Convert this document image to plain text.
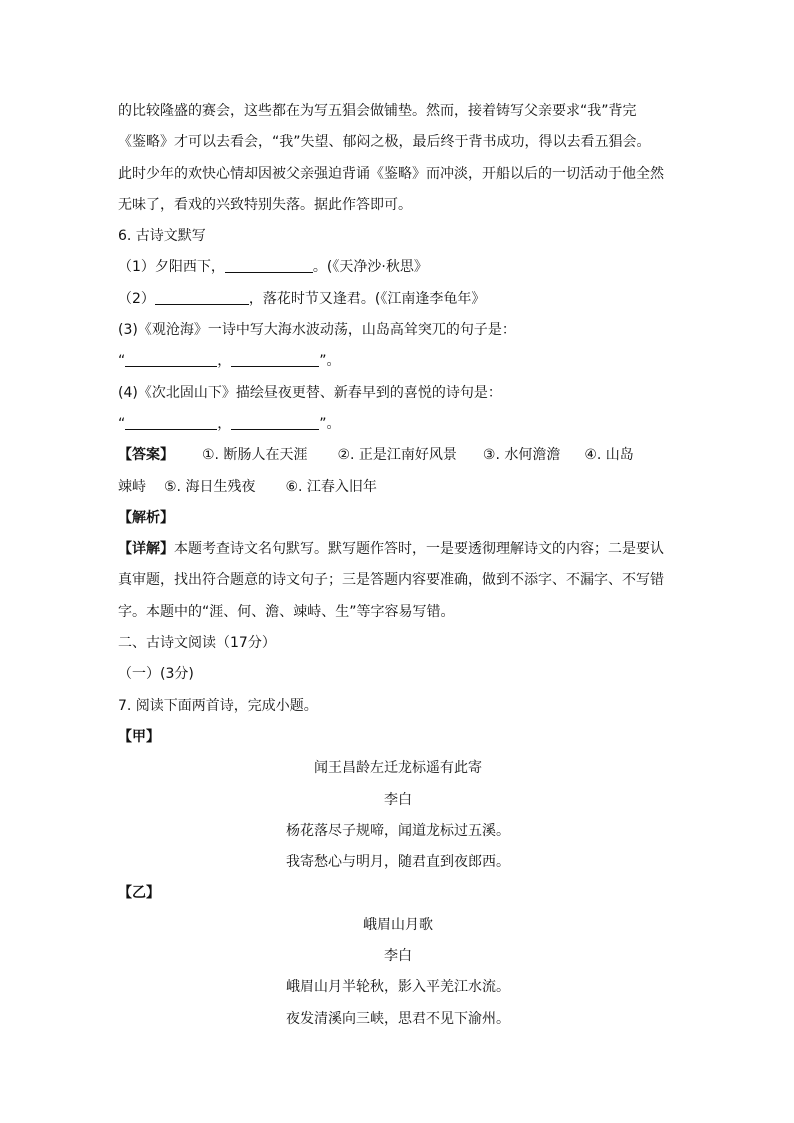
的比较隆盛的赛会，这些都在为写五猖会做铺垫。然而，接着铸写父亲要求“我”背完
《鉴略》才可以去看会，“我”失望、郁闷之极，最后终于背书成功，得以去看五猖会。
此时少年的欢快心情却因被父亲强迫背诵《鉴略》而冲淡，开船以后的一切活动于他全然
无味了，看戏的兴致特别失落。据此作答即可。
6. 古诗文默写
（1）夕阳西下，	。(《天净沙·秋思》
（2）	，落花时节又逢君。(《江南逢李龟年》
(3)《观沧海》一诗中写大海水波动荡，山岛高耸突兀的句子是：
“	，	”。
(4)《次北固山下》描绘昼夜更替、新春早到的喜悦的诗句是：
“	，	”。
【答案】 ①. 断肠人在天涯 ②. 正是江南好风景 ③. 水何澹澹 ④. 山岛
竦峙 ⑤. 海日生残夜 ⑥. 江春入旧年
【解析】
【详解】本题考查诗文名句默写。默写题作答时，一是要透彻理解诗文的内容；二是要认
真审题，找出符合题意的诗文句子；三是答题内容要准确，做到不添字、不漏字、不写错
字。本题中的“涯、何、澹、竦峙、生”等字容易写错。
二、古诗文阅读（17分）
（一）(3分)
7. 阅读下面两首诗，完成小题。
【甲】
闻王昌龄左迁龙标遥有此寄
李白
杨花落尽子规啼，闻道龙标过五溪。
我寄愁心与明月，随君直到夜郎西。
【乙】
峨眉山月歌
李白
峨眉山月半轮秋，影入平羌江水流。
夜发清溪向三峡，思君不见下渝州。
